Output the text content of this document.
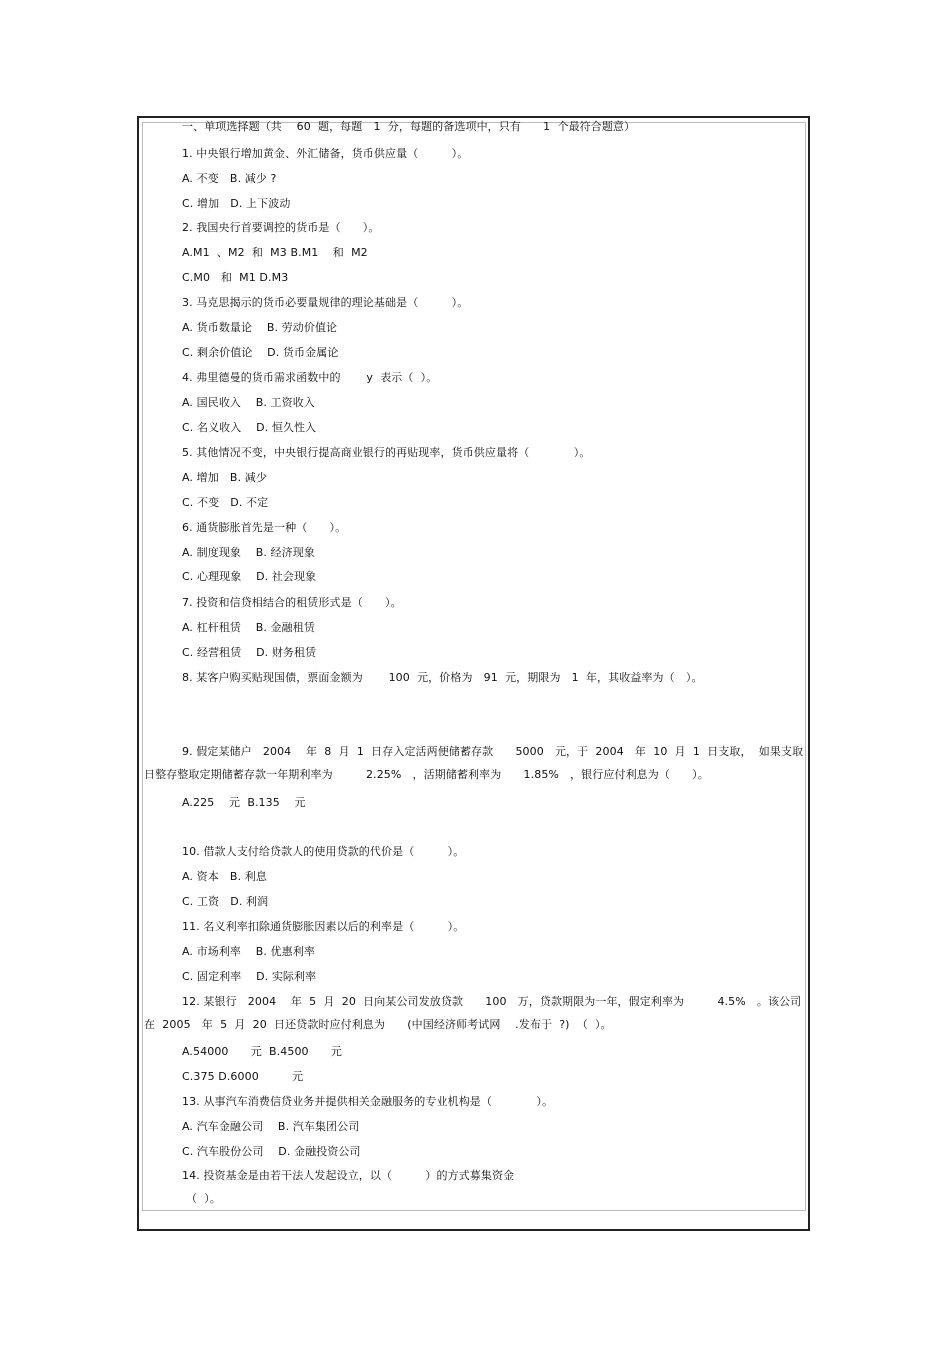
一、单项选择题（共　 60  题，每题　1  分，每题的备选项中，只有　　1  个最符合题意）
1. 中央银行增加黄金、外汇储备，货币供应量（　　　）。
A. 不变　B. 减少 ?
C. 增加　D. 上下波动
2. 我国央行首要调控的货币是（　　）。
A.M1  、M2  和  M3 B.M1    和  M2
C.M0   和  M1 D.M3
3. 马克思揭示的货币必要量规律的理论基础是（　　　）。
A. 货币数量论　 B. 劳动价值论
C. 剩余价值论　 D. 货币金属论
4. 弗里德曼的货币需求函数中的　　 y  表示（  ）。
A. 国民收入　 B. 工资收入
C. 名义收入　 D. 恒久性入
5. 其他情况不变，中央银行提高商业银行的再贴现率，货币供应量将（　　　　）。
A. 增加　B. 减少
C. 不变　D. 不定
6. 通货膨胀首先是一种（　　）。
A. 制度现象　 B. 经济现象
C. 心理现象　 D. 社会现象
7. 投资和信贷相结合的租赁形式是（　　）。
A. 杠杆租赁　 B. 金融租赁
C. 经营租赁　 D. 财务租赁
8. 某客户购买贴现国债，票面金额为　　 100  元，价格为　91  元，期限为　1  年，其收益率为（　）。
9. 假定某储户　2004　 年  8  月  1  日存入定活两便储蓄存款　　5000　元，于  2004　年  10  月  1  日支取，  如果支取
日整存整取定期储蓄存款一年期利率为　　　2.25%　，活期储蓄利率为　　1.85%　，银行应付利息为（　　）。
A.225　 元  B.135　 元
10. 借款人支付给贷款人的使用贷款的代价是（　　　）。
A. 资本　B. 利息
C. 工资　D. 利润
11. 名义利率扣除通货膨胀因素以后的利率是（　　　）。
A. 市场利率　 B. 优惠利率
C. 固定利率　 D. 实际利率
12. 某银行　2004　 年  5  月  20  日向某公司发放贷款　　100　万，贷款期限为一年，假定利率为　　　4.5%　。该公司
在  2005　年  5  月  20  日还贷款时应付利息为　　(中国经济师考试网　 .发布于  ?)  （  ）。
A.54000　　元  B.4500　　元
C.375 D.6000　　　元
13. 从事汽车消费信贷业务并提供相关金融服务的专业机构是（　　　　）。
A. 汽车金融公司　 B. 汽车集团公司
C. 汽车股份公司　 D. 金融投资公司
14. 投资基金是由若干法人发起设立，以（　　　）的方式募集资金
（  ）。
